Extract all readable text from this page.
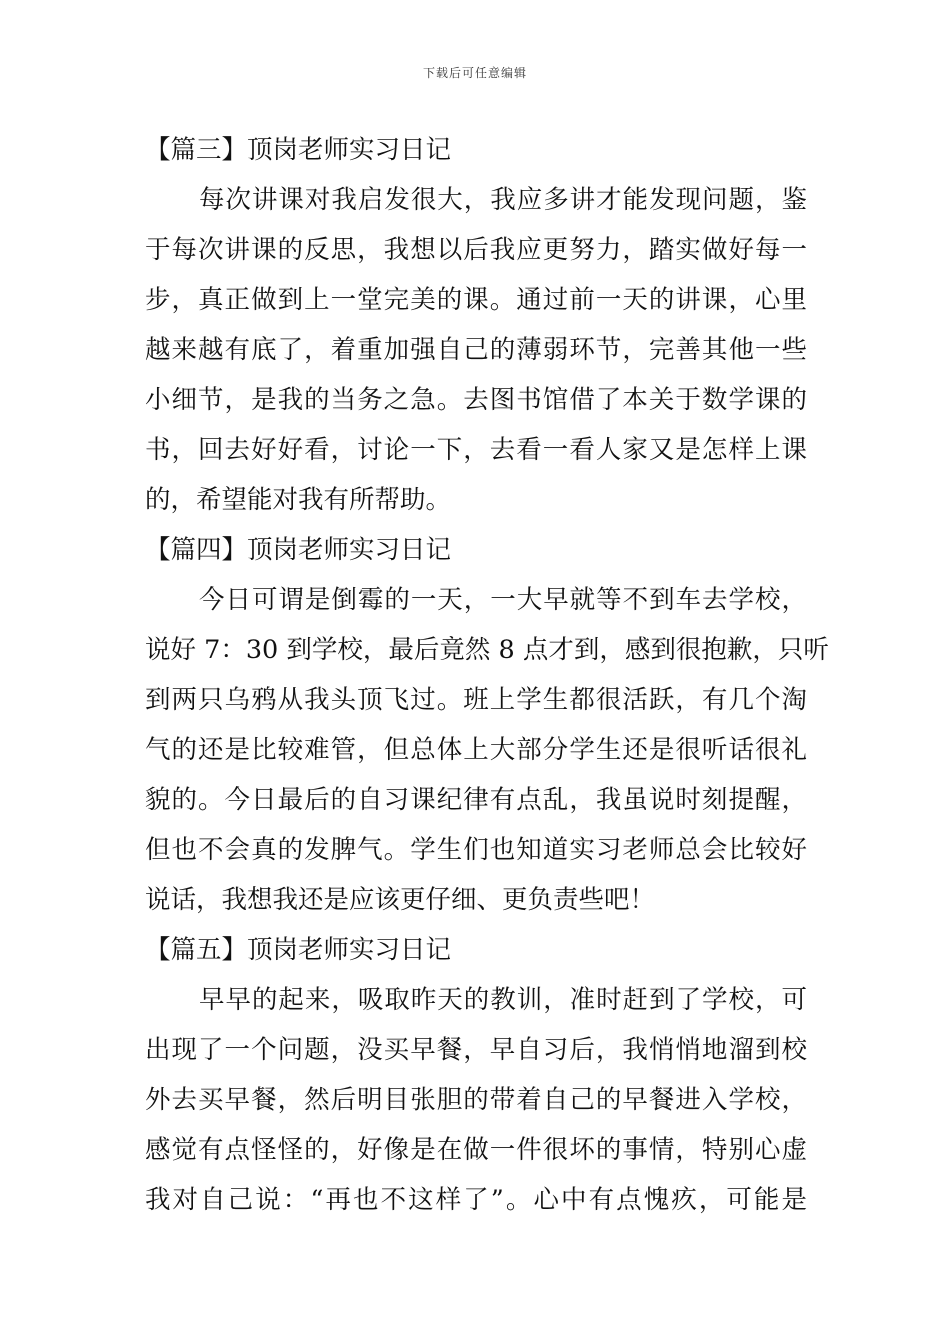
下载后可任意编辑
【篇三】顶岗老师实习日记
每次讲课对我启发很大，我应多讲才能发现问题，鉴
于每次讲课的反思，我想以后我应更努力，踏实做好每一
步，真正做到上一堂完美的课。通过前一天的讲课，心里
越来越有底了，着重加强自己的薄弱环节，完善其他一些
小细节，是我的当务之急。去图书馆借了本关于数学课的
书，回去好好看，讨论一下，去看一看人家又是怎样上课
的，希望能对我有所帮助。
【篇四】顶岗老师实习日记
今日可谓是倒霉的一天，一大早就等不到车去学校，
说好 7：30 到学校，最后竟然 8 点才到，感到很抱歉，只听
到两只乌鸦从我头顶飞过。班上学生都很活跃，有几个淘
气的还是比较难管，但总体上大部分学生还是很听话很礼
貌的。今日最后的自习课纪律有点乱，我虽说时刻提醒，
但也不会真的发脾气。学生们也知道实习老师总会比较好
说话，我想我还是应该更仔细、更负责些吧！
【篇五】顶岗老师实习日记
早早的起来，吸取昨天的教训，准时赶到了学校，可
出现了一个问题，没买早餐，早自习后，我悄悄地溜到校
外去买早餐，然后明目张胆的带着自己的早餐进入学校，
感觉有点怪怪的，好像是在做一件很坏的事情，特别心虚
我对自己说：“再也不这样了”。心中有点愧疚，可能是
